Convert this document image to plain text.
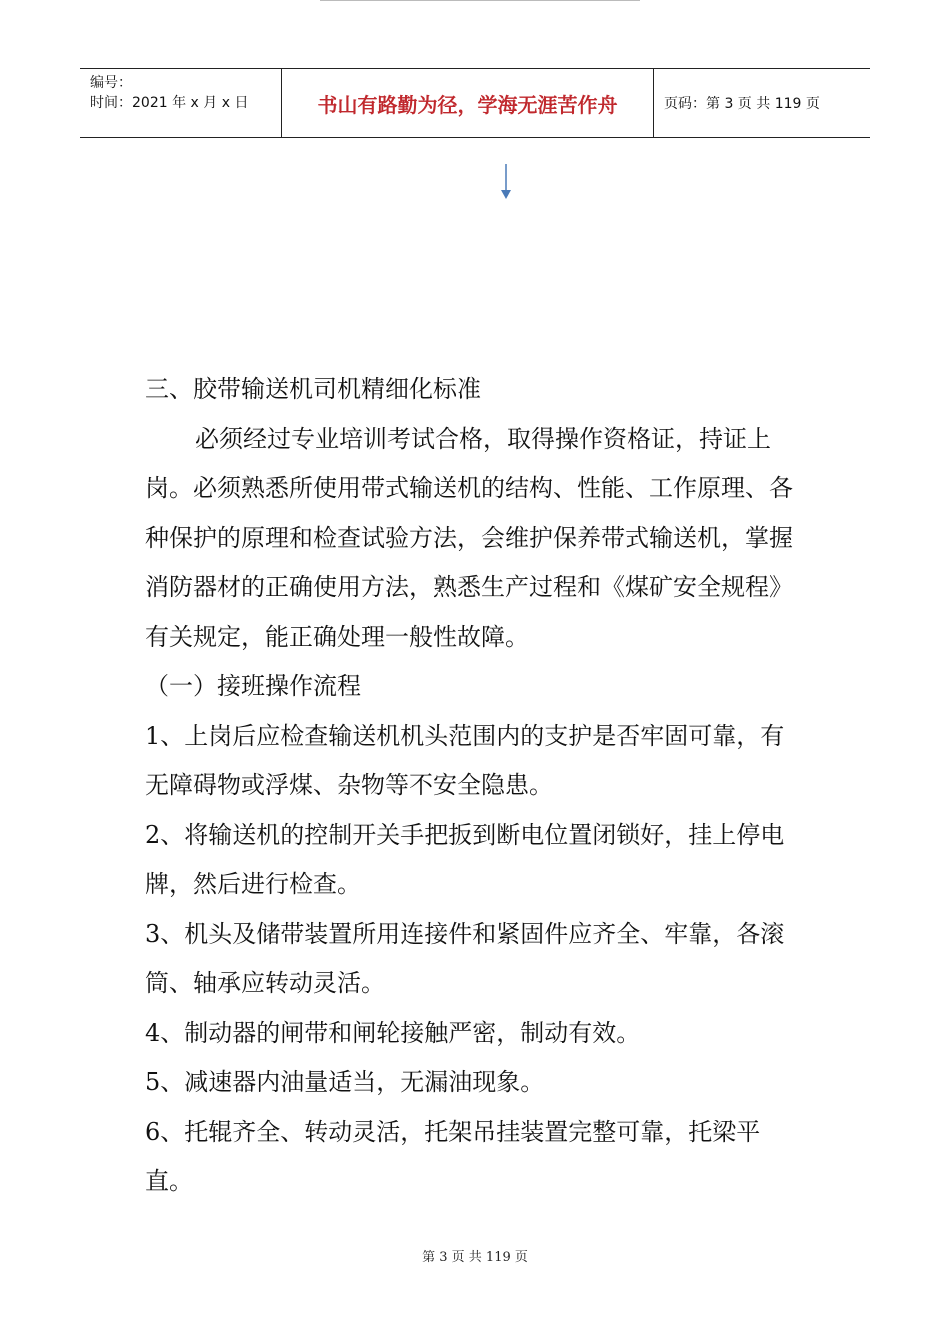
编号：
时间：2021 年 x 月 x 日	书山有路勤为径，学海无涯苦作舟	页码：第 3 页 共 119 页

三、胶带输送机司机精细化标准

必须经过专业培训考试合格，取得操作资格证，持证上岗。必须熟悉所使用带式输送机的结构、性能、工作原理、各种保护的原理和检查试验方法，会维护保养带式输送机，掌握消防器材的正确使用方法，熟悉生产过程和《煤矿安全规程》有关规定，能正确处理一般性故障。

（一）接班操作流程

1、上岗后应检查输送机机头范围内的支护是否牢固可靠，有无障碍物或浮煤、杂物等不安全隐患。

2、将输送机的控制开关手把扳到断电位置闭锁好，挂上停电牌，然后进行检查。

3、机头及储带装置所用连接件和紧固件应齐全、牢靠，各滚筒、轴承应转动灵活。

4、制动器的闸带和闸轮接触严密，制动有效。

5、减速器内油量适当，无漏油现象。

6、托辊齐全、转动灵活，托架吊挂装置完整可靠，托梁平直。

第 3 页 共 119 页
